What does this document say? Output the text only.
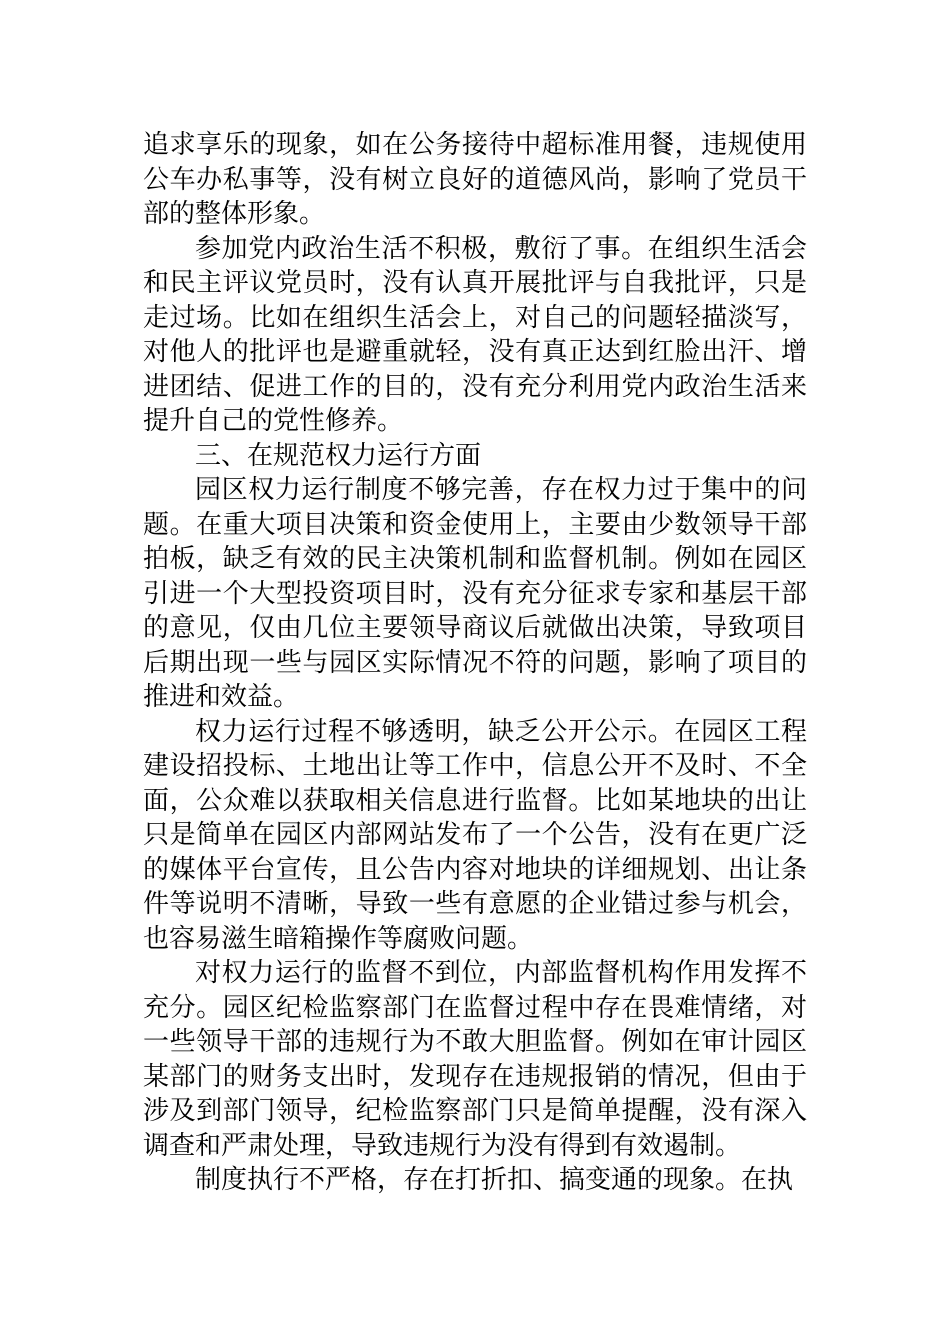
追求享乐的现象，如在公务接待中超标准用餐，违规使用公车办私事等，没有树立良好的道德风尚，影响了党员干部的整体形象。

参加党内政治生活不积极，敷衍了事。在组织生活会和民主评议党员时，没有认真开展批评与自我批评，只是走过场。比如在组织生活会上，对自己的问题轻描淡写，对他人的批评也是避重就轻，没有真正达到红脸出汗、增进团结、促进工作的目的，没有充分利用党内政治生活来提升自己的党性修养。

三、在规范权力运行方面

园区权力运行制度不够完善，存在权力过于集中的问题。在重大项目决策和资金使用上，主要由少数领导干部拍板，缺乏有效的民主决策机制和监督机制。例如在园区引进一个大型投资项目时，没有充分征求专家和基层干部的意见，仅由几位主要领导商议后就做出决策，导致项目后期出现一些与园区实际情况不符的问题，影响了项目的推进和效益。

权力运行过程不够透明，缺乏公开公示。在园区工程建设招投标、土地出让等工作中，信息公开不及时、不全面，公众难以获取相关信息进行监督。比如某地块的出让只是简单在园区内部网站发布了一个公告，没有在更广泛的媒体平台宣传，且公告内容对地块的详细规划、出让条件等说明不清晰，导致一些有意愿的企业错过参与机会，也容易滋生暗箱操作等腐败问题。

对权力运行的监督不到位，内部监督机构作用发挥不充分。园区纪检监察部门在监督过程中存在畏难情绪，对一些领导干部的违规行为不敢大胆监督。例如在审计园区某部门的财务支出时，发现存在违规报销的情况，但由于涉及到部门领导，纪检监察部门只是简单提醒，没有深入调查和严肃处理，导致违规行为没有得到有效遏制。

制度执行不严格，存在打折扣、搞变通的现象。在执
